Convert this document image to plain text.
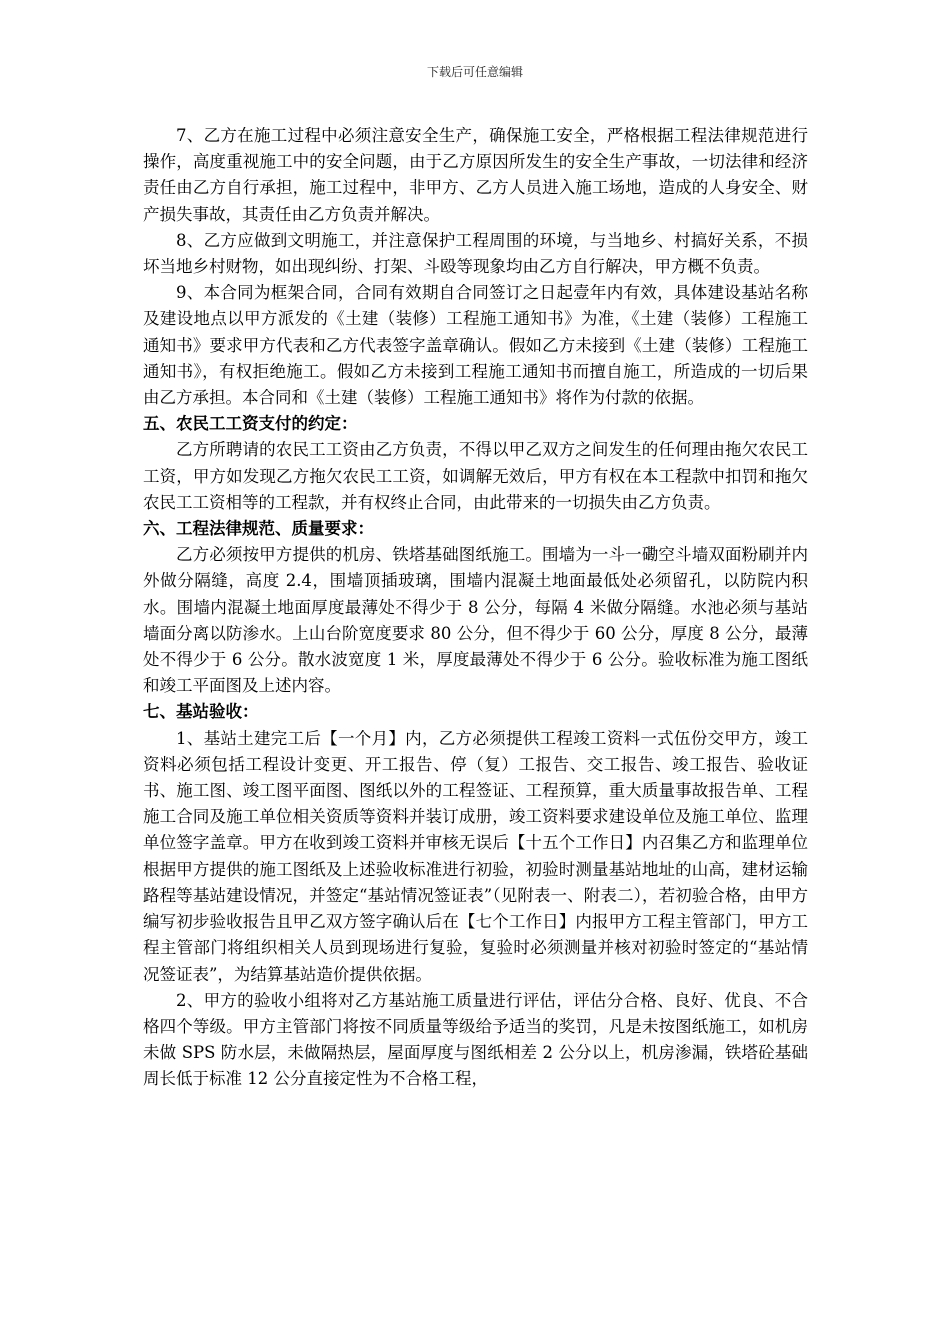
下载后可任意编辑

7、乙方在施工过程中必须注意安全生产，确保施工安全，严格根据工程法律规范进行操作，高度重视施工中的安全问题，由于乙方原因所发生的安全生产事故，一切法律和经济责任由乙方自行承担，施工过程中，非甲方、乙方人员进入施工场地，造成的人身安全、财产损失事故，其责任由乙方负责并解决。

8、乙方应做到文明施工，并注意保护工程周围的环境，与当地乡、村搞好关系，不损坏当地乡村财物，如出现纠纷、打架、斗殴等现象均由乙方自行解决，甲方概不负责。

9、本合同为框架合同，合同有效期自合同签订之日起壹年内有效，具体建设基站名称及建设地点以甲方派发的《土建（装修）工程施工通知书》为准，《土建（装修）工程施工通知书》要求甲方代表和乙方代表签字盖章确认。假如乙方未接到《土建（装修）工程施工通知书》，有权拒绝施工。假如乙方未接到工程施工通知书而擅自施工，所造成的一切后果由乙方承担。本合同和《土建（装修）工程施工通知书》将作为付款的依据。

五、农民工工资支付的约定：

乙方所聘请的农民工工资由乙方负责，不得以甲乙双方之间发生的任何理由拖欠农民工工资，甲方如发现乙方拖欠农民工工资，如调解无效后，甲方有权在本工程款中扣罚和拖欠农民工工资相等的工程款，并有权终止合同，由此带来的一切损失由乙方负责。

六、工程法律规范、质量要求：

乙方必须按甲方提供的机房、铁塔基础图纸施工。围墙为一斗一磡空斗墙双面粉刷并内外做分隔缝，高度 2.4，围墙顶插玻璃，围墙内混凝土地面最低处必须留孔，以防院内积水。围墙内混凝土地面厚度最薄处不得少于 8 公分，每隔 4 米做分隔缝。水池必须与基站墙面分离以防渗水。上山台阶宽度要求 80 公分，但不得少于 60 公分，厚度 8 公分，最薄处不得少于 6 公分。散水波宽度 1 米，厚度最薄处不得少于 6 公分。验收标准为施工图纸和竣工平面图及上述内容。

七、基站验收：

1、基站土建完工后【一个月】内，乙方必须提供工程竣工资料一式伍份交甲方，竣工资料必须包括工程设计变更、开工报告、停（复）工报告、交工报告、竣工报告、验收证书、施工图、竣工图平面图、图纸以外的工程签证、工程预算，重大质量事故报告单、工程施工合同及施工单位相关资质等资料并装订成册，竣工资料要求建设单位及施工单位、监理单位签字盖章。甲方在收到竣工资料并审核无误后【十五个工作日】内召集乙方和监理单位根据甲方提供的施工图纸及上述验收标准进行初验，初验时测量基站地址的山高，建材运输路程等基站建设情况，并签定“基站情况签证表”（见附表一、附表二），若初验合格，由甲方编写初步验收报告且甲乙双方签字确认后在【七个工作日】内报甲方工程主管部门，甲方工程主管部门将组织相关人员到现场进行复验，复验时必须测量并核对初验时签定的“基站情况签证表”，为结算基站造价提供依据。

2、甲方的验收小组将对乙方基站施工质量进行评估，评估分合格、良好、优良、不合格四个等级。甲方主管部门将按不同质量等级给予适当的奖罚，凡是未按图纸施工，如机房未做 SPS 防水层，未做隔热层，屋面厚度与图纸相差 2 公分以上，机房渗漏，铁塔砼基础周长低于标准 12 公分直接定性为不合格工程，
